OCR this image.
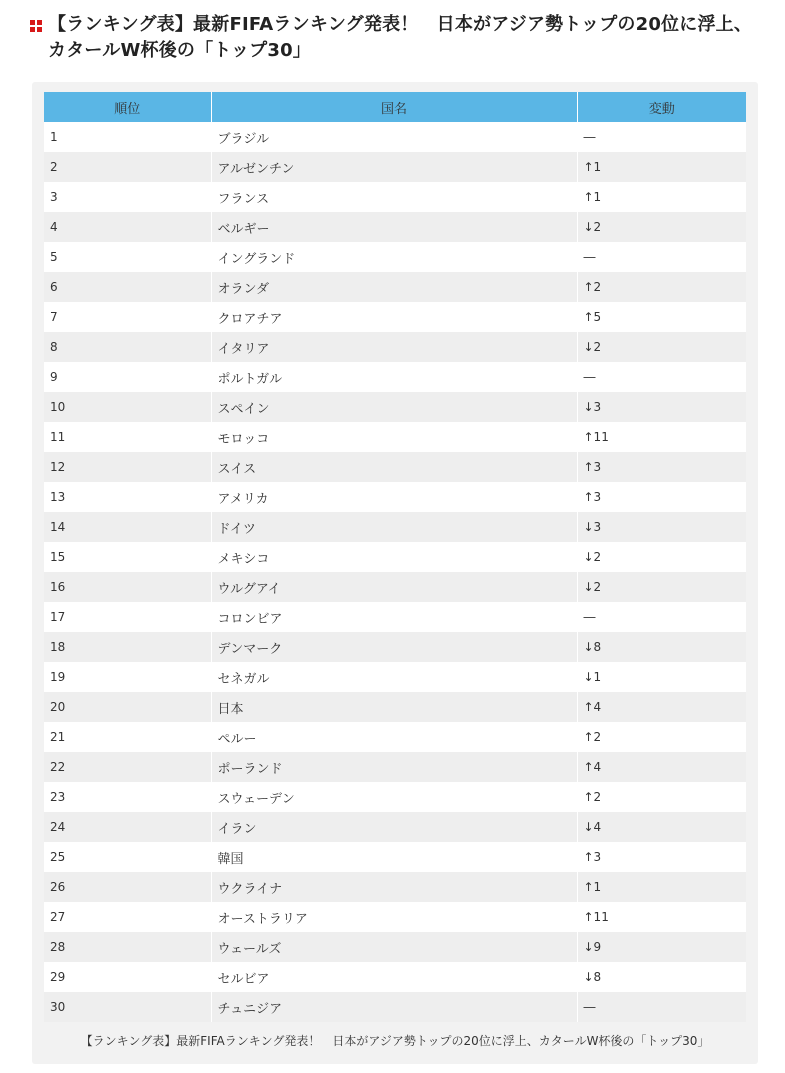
【ランキング表】最新FIFAランキング発表！　日本がアジア勢トップの20位に浮上、カタールW杯後の「トップ30」
順位	国名	変動
1	ブラジル	―
2	アルゼンチン	↑1
3	フランス	↑1
4	ベルギー	↓2
5	イングランド	―
6	オランダ	↑2
7	クロアチア	↑5
8	イタリア	↓2
9	ポルトガル	―
10	スペイン	↓3
11	モロッコ	↑11
12	スイス	↑3
13	アメリカ	↑3
14	ドイツ	↓3
15	メキシコ	↓2
16	ウルグアイ	↓2
17	コロンビア	―
18	デンマーク	↓8
19	セネガル	↓1
20	日本	↑4
21	ペルー	↑2
22	ポーランド	↑4
23	スウェーデン	↑2
24	イラン	↓4
25	韓国	↑3
26	ウクライナ	↑1
27	オーストラリア	↑11
28	ウェールズ	↓9
29	セルビア	↓8
30	チュニジア	―
【ランキング表】最新FIFAランキング発表！　日本がアジア勢トップの20位に浮上、カタールW杯後の「トップ30」
